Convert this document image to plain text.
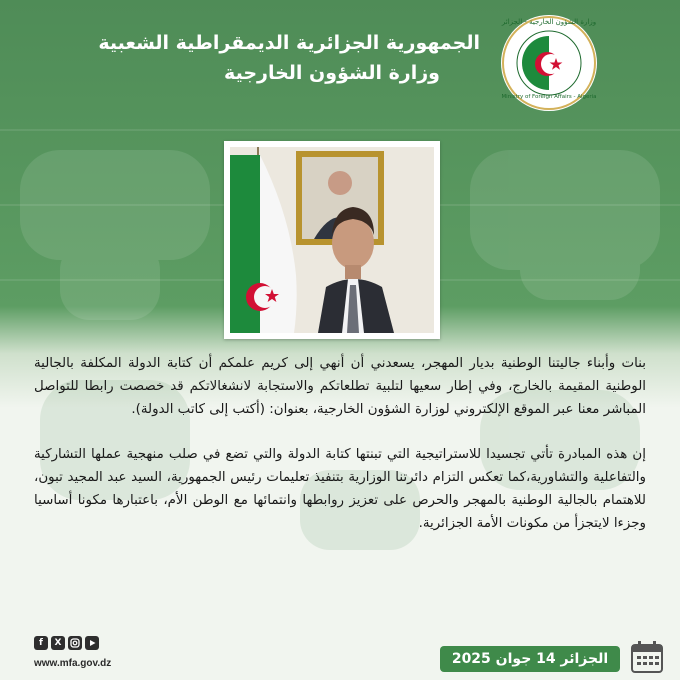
الجمهورية الجزائرية الديمقراطية الشعبية
وزارة الشؤون الخارجية
وزارة الشؤون الخارجية - الجزائر
Ministry of Foreign Affairs - Algeria

بنات وأبناء جاليتنا الوطنية بديار المهجر، يسعدني أن أنهي إلى كريم علمكم أن كتابة الدولة المكلفة بالجالية الوطنية المقيمة بالخارج، وفي إطار سعيها لتلبية تطلعاتكم والاستجابة لانشغالاتكم قد خصصت رابطا للتواصل المباشر معنا عبر الموقع الإلكتروني لوزارة الشؤون الخارجية، بعنوان: (أكتب إلى كاتب الدولة).

إن هذه المبادرة تأتي تجسيدا للاستراتيجية التي تبنتها كتابة الدولة والتي تضع في صلب منهجية عملها التشاركية والتفاعلية والتشاورية،كما تعكس التزام دائرتنا الوزارية بتنفيذ تعليمات رئيس الجمهورية، السيد عبد المجيد تبون، للاهتمام بالجالية الوطنية بالمهجر والحرص على تعزيز روابطها وانتمائها مع الوطن الأم، باعتبارها مكونا أساسيا وجزءا لايتجزأ من مكونات الأمة الجزائرية.

f X
www.mfa.gov.dz	الجزائر 14 جوان 2025
